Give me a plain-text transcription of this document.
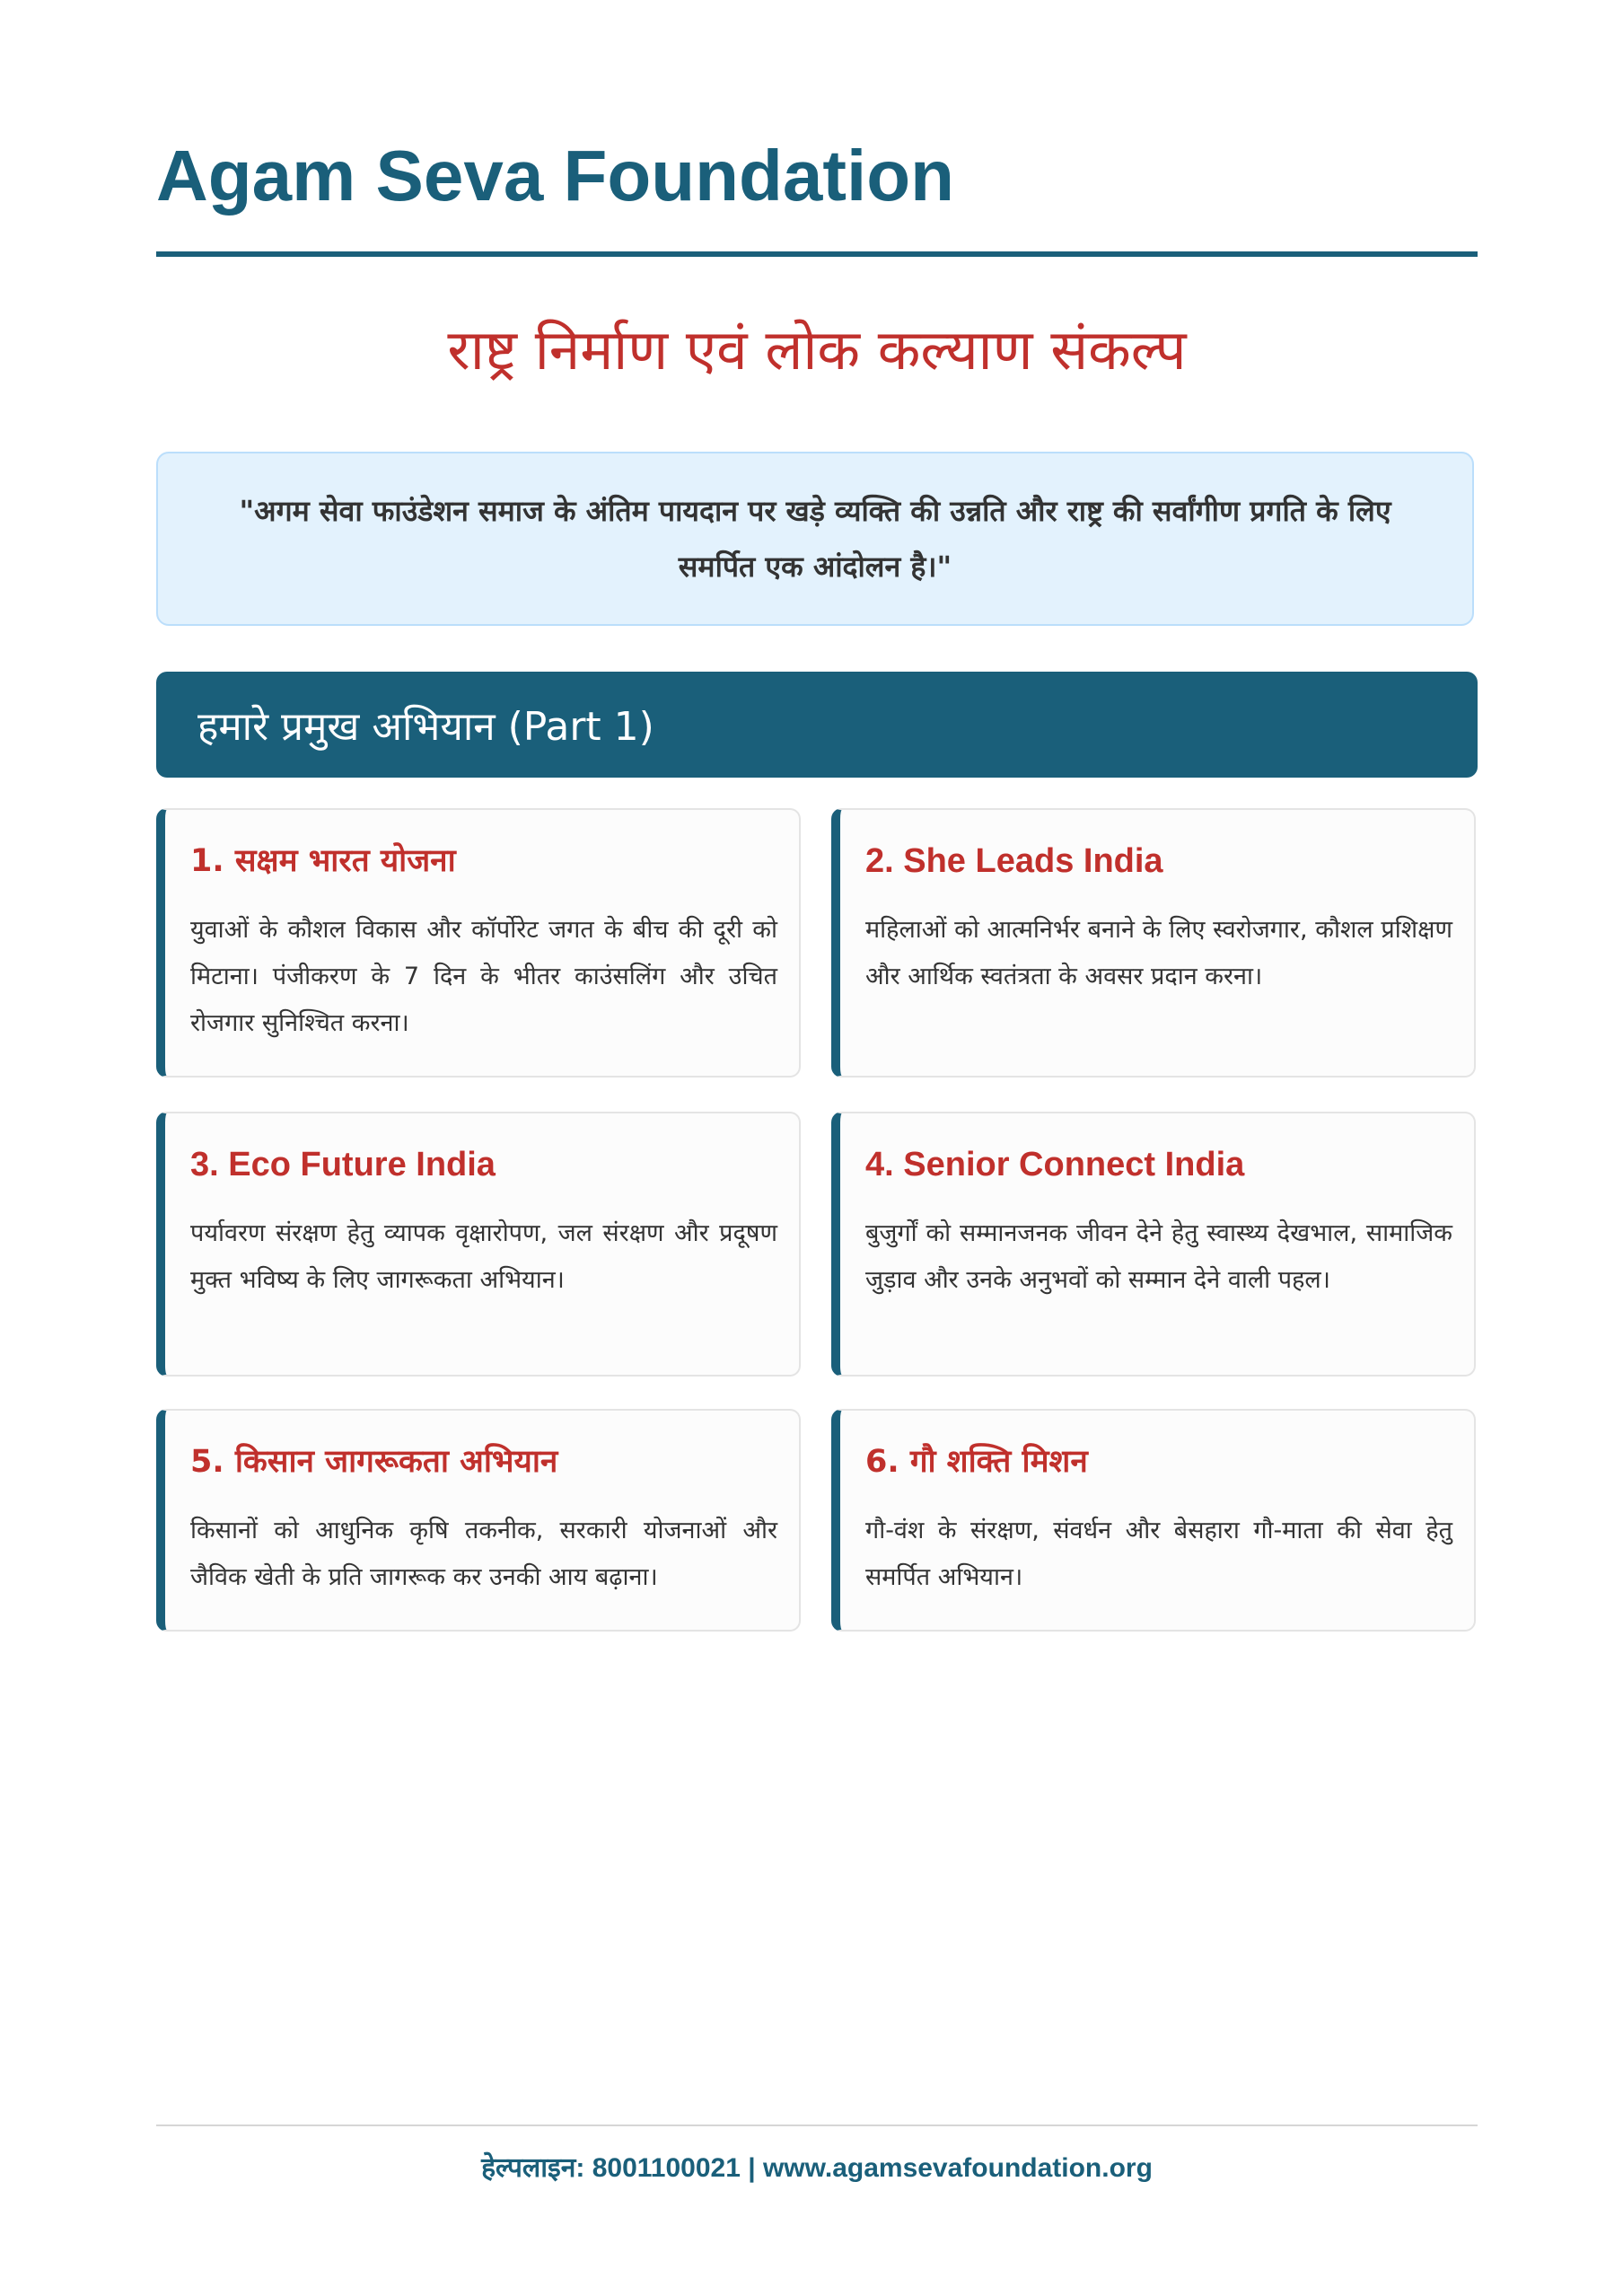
Agam Seva Foundation
राष्ट्र निर्माण एवं लोक कल्याण संकल्प
"अगम सेवा फाउंडेशन समाज के अंतिम पायदान पर खड़े व्यक्ति की उन्नति और राष्ट्र की सर्वांगीण प्रगति के लिए समर्पित एक आंदोलन है।"
हमारे प्रमुख अभियान (Part 1)
1. सक्षम भारत योजना

युवाओं के कौशल विकास और कॉर्पोरेट जगत के बीच की दूरी को मिटाना। पंजीकरण के 7 दिन के भीतर काउंसलिंग और उचित रोजगार सुनिश्चित करना।

2. She Leads India

महिलाओं को आत्मनिर्भर बनाने के लिए स्वरोजगार, कौशल प्रशिक्षण और आर्थिक स्वतंत्रता के अवसर प्रदान करना।

3. Eco Future India

पर्यावरण संरक्षण हेतु व्यापक वृक्षारोपण, जल संरक्षण और प्रदूषण मुक्त भविष्य के लिए जागरूकता अभियान।

4. Senior Connect India

बुजुर्गों को सम्मानजनक जीवन देने हेतु स्वास्थ्य देखभाल, सामाजिक जुड़ाव और उनके अनुभवों को सम्मान देने वाली पहल।

5. किसान जागरूकता अभियान

किसानों को आधुनिक कृषि तकनीक, सरकारी योजनाओं और जैविक खेती के प्रति जागरूक कर उनकी आय बढ़ाना।

6. गौ शक्ति मिशन

गौ-वंश के संरक्षण, संवर्धन और बेसहारा गौ-माता की सेवा हेतु समर्पित अभियान।

हेल्पलाइन: 8001100021 | www.agamsevafoundation.org
